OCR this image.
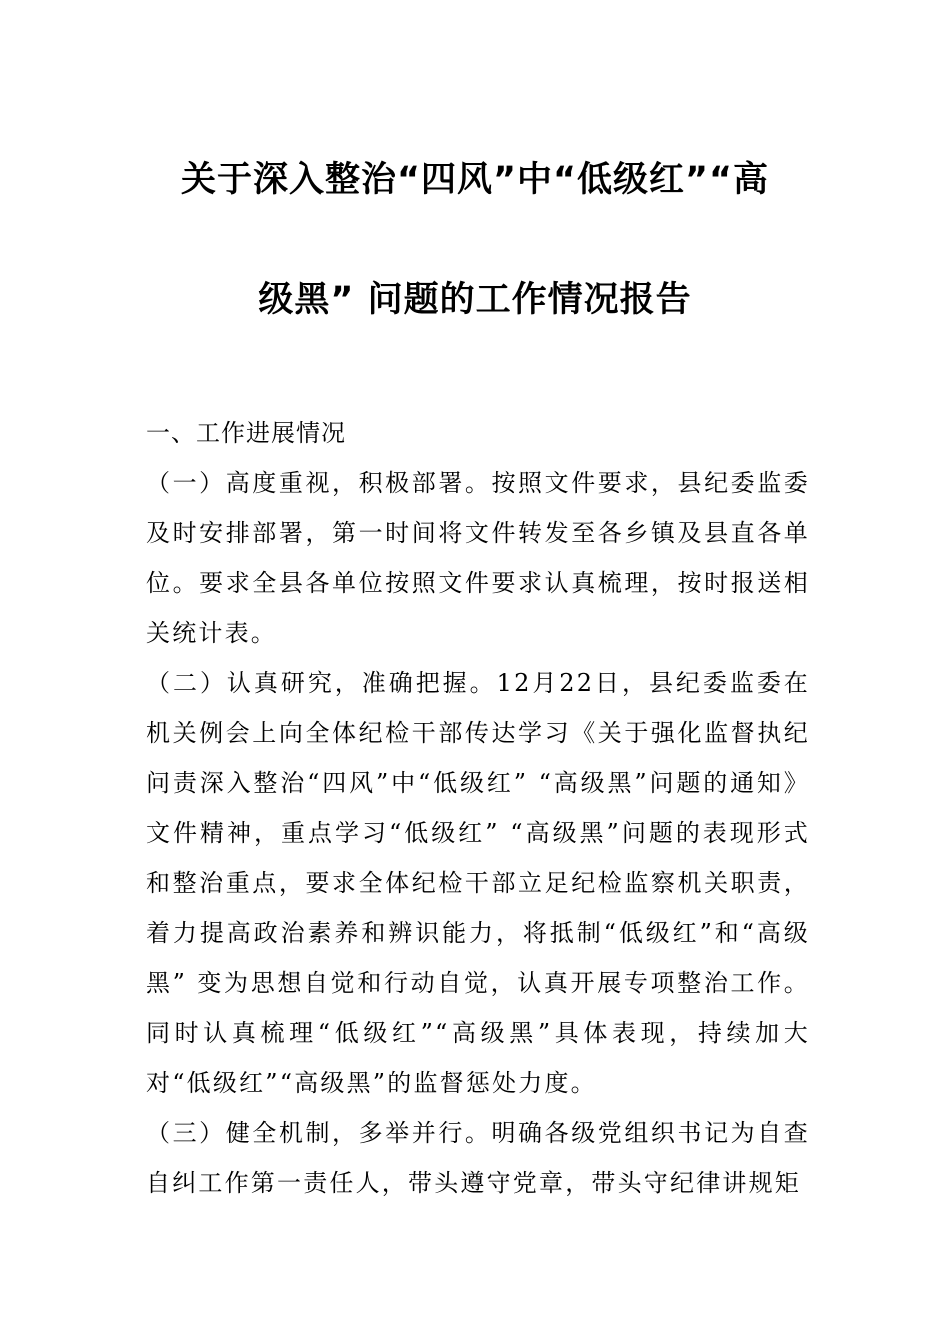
关于深入整治“四风”中“低级红”“高
级黑” 问题的工作情况报告

一、工作进展情况

（一）高度重视，积极部署。按照文件要求，县纪委监委及时安排部署，第一时间将文件转发至各乡镇及县直各单位。要求全县各单位按照文件要求认真梳理，按时报送相关统计表。

（二）认真研究，准确把握。12月22日，县纪委监委在机关例会上向全体纪检干部传达学习《关于强化监督执纪问责深入整治“四风”中“低级红” “高级黑”问题的通知》文件精神，重点学习“低级红” “高级黑”问题的表现形式和整治重点，要求全体纪检干部立足纪检监察机关职责，着力提高政治素养和辨识能力，将抵制“低级红”和“高级黑” 变为思想自觉和行动自觉，认真开展专项整治工作。同时认真梳理“低级红”“高级黑”具体表现，持续加大对“低级红”“高级黑”的监督惩处力度。

（三）健全机制，多举并行。明确各级党组织书记为自查自纠工作第一责任人，带头遵守党章，带头守纪律讲规矩
